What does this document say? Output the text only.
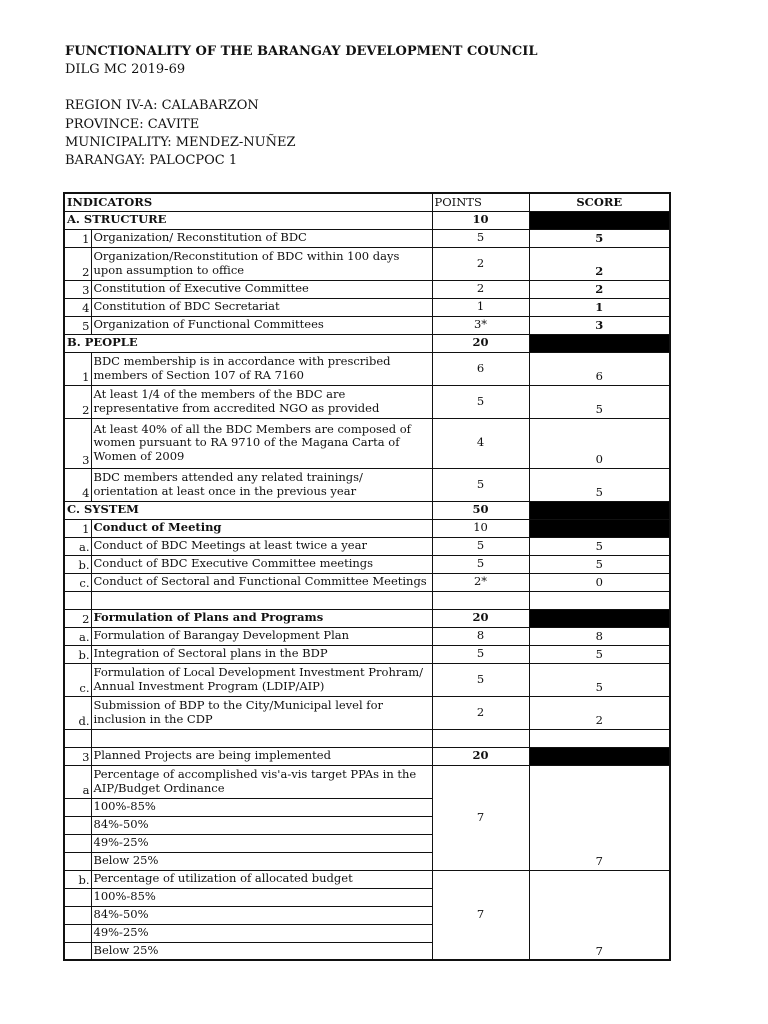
FUNCTIONALITY OF THE BARANGAY DEVELOPMENT COUNCIL
DILG MC 2019-69
REGION IV-A: CALABARZON
PROVINCE: CAVITE
MUNICIPALITY: MENDEZ-NUÑEZ
BARANGAY: PALOCPOC 1
INDICATORS		POINTS	SCORE
A. STRUCTURE		10	
1	Organization/ Reconstitution of BDC	5	5
2	Organization/Reconstitution of BDC within 100 days upon assumption to office	2	2
3	Constitution of Executive Committee	2	2
4	Constitution of BDC Secretariat	1	1
5	Organization of Functional Committees	3*	3
B. PEOPLE		20	
1	BDC membership is in accordance with prescribed members of Section 107 of RA 7160	6	6
2	At least 1/4 of the members of the BDC are representative from accredited NGO as provided	5	5
3	At least 40% of all the BDC Members are composed of women pursuant to RA 9710 of the Magana Carta of Women of 2009	4	0
4	BDC members attended any related trainings/ orientation at least once in the previous year	5	5
C. SYSTEM		50	
1	Conduct of Meeting	10	
a.	Conduct of BDC Meetings at least twice a year	5	5
b.	Conduct of BDC Executive Committee meetings	5	5
c.	Conduct of Sectoral and Functional Committee Meetings	2*	0

2	Formulation of Plans and Programs	20	
a.	Formulation of Barangay Development Plan	8	8
b.	Integration of Sectoral plans in the BDP	5	5
c.	Formulation of Local Development Investment Prohram/ Annual Investment Program (LDIP/AIP)	5	5
d.	Submission of BDP to the City/Municipal level for inclusion in the CDP	2	2

3	Planned Projects are being implemented	20	
a	Percentage of accomplished vis'a-vis target PPAs in the AIP/Budget Ordinance	7	7
	100%-85%		
	84%-50%		
	49%-25%		
	Below 25%		
b.	Percentage of utilization of allocated budget	7	7
	100%-85%		
	84%-50%		
	49%-25%		
	Below 25%		
